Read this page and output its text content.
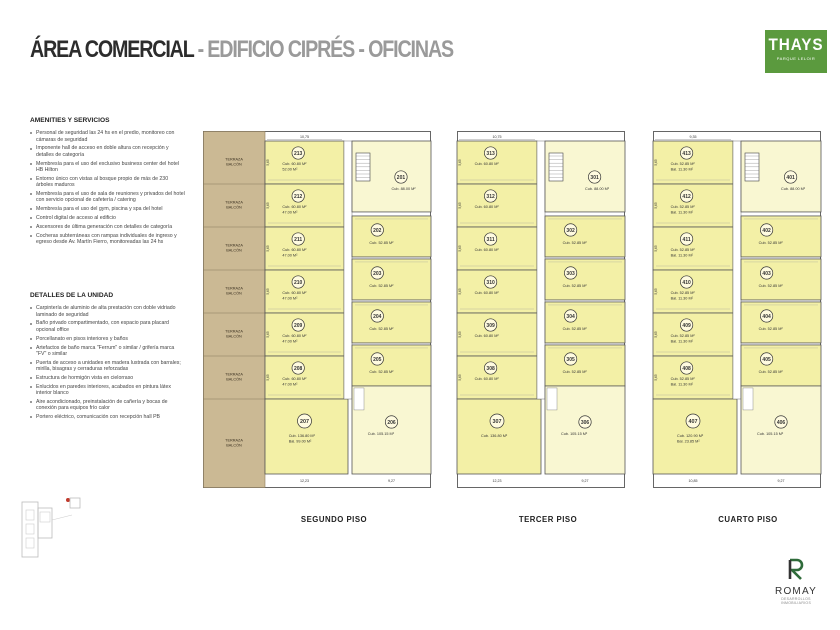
ÁREA COMERCIAL - EDIFICIO CIPRÉS - OFICINAS	THAYS
PARQUE LELOIR
AMENITIES Y SERVICIOS
Personal de seguridad las 24 hs en el predio, monitoreo con cámaras de seguridad
Imponente hall de acceso en doble altura con recepción y detalles de categoría
Membresía para el uso del exclusivo business center del hotel HB Hilton
Entorno único con vistas al bosque propio de más de 230 árboles maduros
Membresía para el uso de sala de reuniones y privados del hotel con servicio opcional de cafetería / catering
Membresía para el uso del gym, piscina y spa del hotel
Control digital de acceso al edificio
Ascensores de última generación con detalles de categoría
Cocheras subterráneas con rampas individuales de ingreso y egreso desde Av. Martín Fierro, monitoreadas las 24 hs
DETALLES DE LA UNIDAD
Carpintería de aluminio de alta prestación con doble vidriado laminado de seguridad
Baño privado compartimentado, con espacio para placard opcional office
Porcellanato en pisos interiores y baños
Artefactos de baño marca "Ferrum" o similar / grifería marca "FV" o similar
Puerta de acceso a unidades en madera lustrada con barrales; mirilla, bisagras y cerraduras reforzadas
Estructura de hormigón vista en cielorraso
Enlucidos en paredes interiores, acabados en pintura látex interior blanco
Aire acondicionado, preinstalación de cañería y bocas de conexión para equipos frío calor
Portero eléctrico, comunicación con recepción hall PB
TERRAZA
BALCÓN
TERRAZA
BALCÓN
TERRAZA
BALCÓN
TERRAZA
BALCÓN
TERRAZA
BALCÓN
TERRAZA
BALCÓN
TERRAZA
BALCÓN
10,75
213
Cub. 60.80 M²
52.00 M²
5,65
212
Cub. 60.80 M²
47.00 M²
5,65
211
Cub. 60.80 M²
47.00 M²
5,65
210
Cub. 60.80 M²
47.00 M²
5,65
209
Cub. 60.80 M²
47.00 M²
5,65
208
Cub. 60.80 M²
47.00 M²
5,65
207
Cub. 136.80 M²
Bal. 99.00 M²
12,23
201
Cub. 88.00 M²
202
Cub. 52.85 M²
203
Cub. 52.85 M²
204
Cub. 52.85 M²
205
Cub. 52.85 M²
206
Cub. 105.15 M²
9,27
10,75
313
Cub. 60.80 M²
5,65
312
Cub. 60.80 M²
5,65
311
Cub. 60.80 M²
5,65
310
Cub. 60.80 M²
5,65
309
Cub. 60.80 M²
5,65
308
Cub. 60.80 M²
5,65
307
Cub. 136.80 M²
12,23
301
Cub. 88.00 M²
302
Cub. 52.85 M²
303
Cub. 52.85 M²
304
Cub. 52.85 M²
305
Cub. 52.85 M²
306
Cub. 105.15 M²
9,27
9,35
413
Cub. 52.85 M²
Bal. 11.30 M²
5,65
412
Cub. 52.85 M²
Bal. 11.30 M²
5,65
411
Cub. 52.85 M²
Bal. 11.30 M²
5,65
410
Cub. 52.85 M²
Bal. 11.30 M²
5,65
409
Cub. 52.85 M²
Bal. 11.30 M²
5,65
408
Cub. 52.85 M²
Bal. 11.30 M²
5,65
407
Cub. 120.90 M²
Bal. 23.85 M²
10,85
401
Cub. 88.00 M²
402
Cub. 52.85 M²
403
Cub. 52.85 M²
404
Cub. 52.85 M²
405
Cub. 52.85 M²
406
Cub. 105.15 M²
9,27
SEGUNDO PISO	TERCER PISO	CUARTO PISO
ROMAY
DESARROLLOS INMOBILIARIOS
